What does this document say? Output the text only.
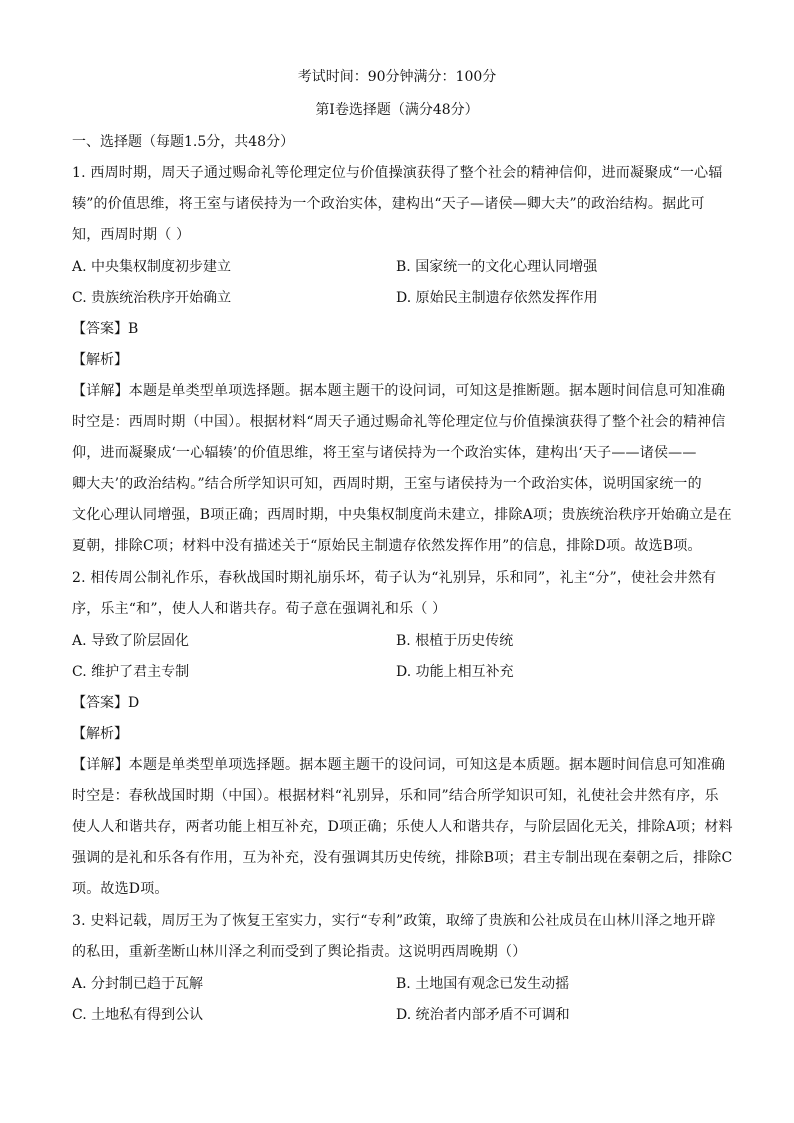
考试时间：90分钟满分：100分
第Ⅰ卷选择题（满分48分）
一、选择题（每题1.5分，共48分）
1. 西周时期，周天子通过赐命礼等伦理定位与价值操演获得了整个社会的精神信仰，进而凝聚成“一心辐
辏”的价值思维，将王室与诸侯持为一个政治实体，建构出“天子—诸侯—卿大夫”的政治结构。据此可
知，西周时期（ ）
A. 中央集权制度初步建立	B. 国家统一的文化心理认同增强
C. 贵族统治秩序开始确立	D. 原始民主制遗存依然发挥作用
【答案】B
【解析】
【详解】本题是单类型单项选择题。据本题主题干的设问词，可知这是推断题。据本题时间信息可知准确
时空是：西周时期（中国）。根据材料“周天子通过赐命礼等伦理定位与价值操演获得了整个社会的精神信
仰，进而凝聚成‘一心辐辏’的价值思维，将王室与诸侯持为一个政治实体，建构出‘天子——诸侯——
卿大夫’的政治结构。”结合所学知识可知，西周时期，王室与诸侯持为一个政治实体，说明国家统一的
文化心理认同增强，B项正确；西周时期，中央集权制度尚未建立，排除A项；贵族统治秩序开始确立是在
夏朝，排除C项；材料中没有描述关于“原始民主制遗存依然发挥作用”的信息，排除D项。故选B项。
2. 相传周公制礼作乐，春秋战国时期礼崩乐坏，荀子认为“礼别异，乐和同”，礼主“分”，使社会井然有
序，乐主“和”，使人人和谐共存。荀子意在强调礼和乐（ ）
A. 导致了阶层固化	B. 根植于历史传统
C. 维护了君主专制	D. 功能上相互补充
【答案】D
【解析】
【详解】本题是单类型单项选择题。据本题主题干的设问词，可知这是本质题。据本题时间信息可知准确
时空是：春秋战国时期（中国）。根据材料“礼别异，乐和同”结合所学知识可知，礼使社会井然有序，乐
使人人和谐共存，两者功能上相互补充，D项正确；乐使人人和谐共存，与阶层固化无关，排除A项；材料
强调的是礼和乐各有作用，互为补充，没有强调其历史传统，排除B项；君主专制出现在秦朝之后，排除C
项。故选D项。
3. 史料记载，周厉王为了恢复王室实力，实行“专利”政策，取缔了贵族和公社成员在山林川泽之地开辟
的私田，重新垄断山林川泽之利而受到了舆论指责。这说明西周晚期（）
A. 分封制已趋于瓦解	B. 土地国有观念已发生动摇
C. 土地私有得到公认	D. 统治者内部矛盾不可调和
